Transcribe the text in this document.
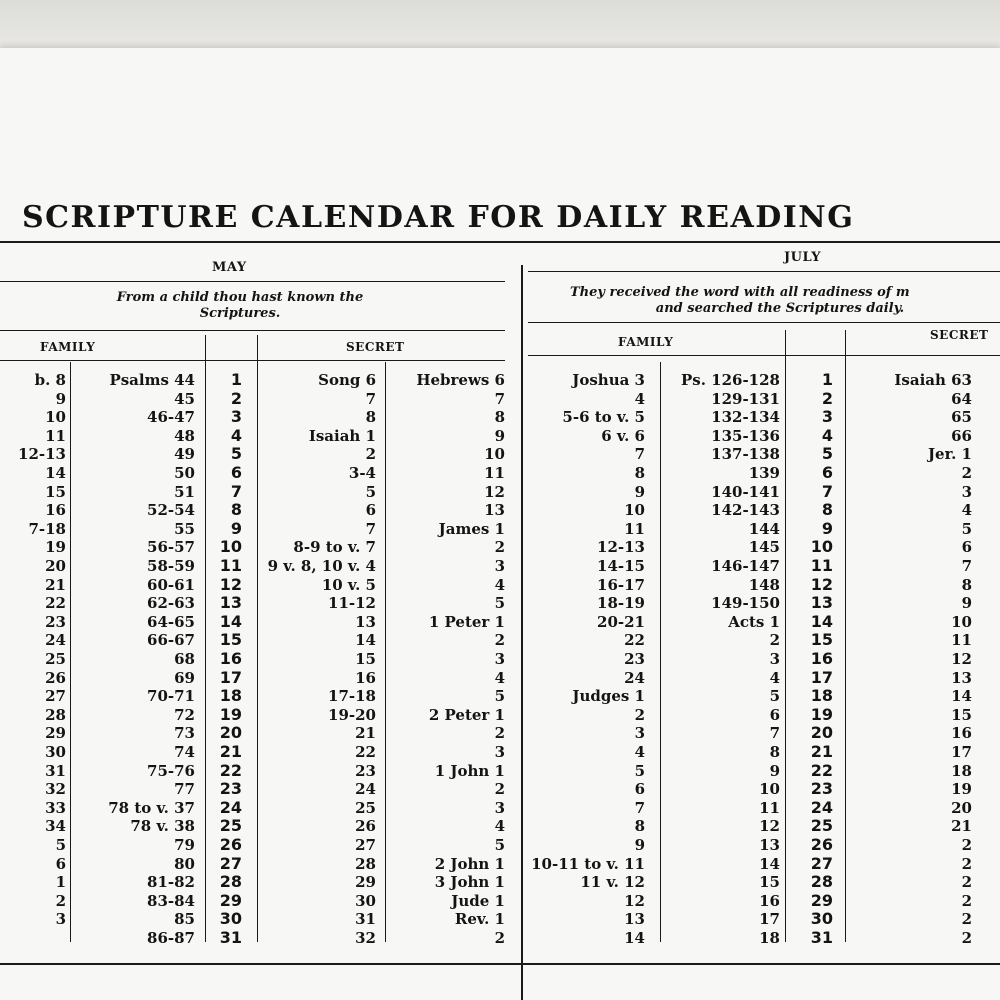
SCRIPTURE CALENDAR FOR DAILY READING
MAY
From a child thou hast known the
Scriptures.
FAMILY	SECRET
JULY
They received the word with all readiness of m
and searched the Scriptures daily.
FAMILY	SECRET
b. 8
9
10
11
12-13
14
15
16
7-18
19
20
21
22
23
24
25
26
27
28
29
30
31
32
33
34
5
6
1
2
3
Psalms 44
45
46-47
48
49
50
51
52-54
55
56-57
58-59
60-61
62-63
64-65
66-67
68
69
70-71
72
73
74
75-76
77
78 to v. 37
78 v. 38
79
80
81-82
83-84
85
86-87
1
2
3
4
5
6
7
8
9
10
11
12
13
14
15
16
17
18
19
20
21
22
23
24
25
26
27
28
29
30
31
Song 6
7
8
Isaiah 1
2
3-4
5
6
7
8-9 to v. 7
9 v. 8, 10 v. 4
10 v. 5
11-12
13
14
15
16
17-18
19-20
21
22
23
24
25
26
27
28
29
30
31
32
Hebrews 6
7
8
9
10
11
12
13
James 1
2
3
4
5
1 Peter 1
2
3
4
5
2 Peter 1
2
3
1 John 1
2
3
4
5
2 John 1
3 John 1
Jude 1
Rev. 1
2
Joshua 3
4
5-6 to v. 5
6 v. 6
7
8
9
10
11
12-13
14-15
16-17
18-19
20-21
22
23
24
Judges 1
2
3
4
5
6
7
8
9
10-11 to v. 11
11 v. 12
12
13
14
Ps. 126-128
129-131
132-134
135-136
137-138
139
140-141
142-143
144
145
146-147
148
149-150
Acts 1
2
3
4
5
6
7
8
9
10
11
12
13
14
15
16
17
18
1
2
3
4
5
6
7
8
9
10
11
12
13
14
15
16
17
18
19
20
21
22
23
24
25
26
27
28
29
30
31
Isaiah 63
64
65
66
Jer. 1
2
3
4
5
6
7
8
9
10
11
12
13
14
15
16
17
18
19
20
21
2
2
2
2
2
2
